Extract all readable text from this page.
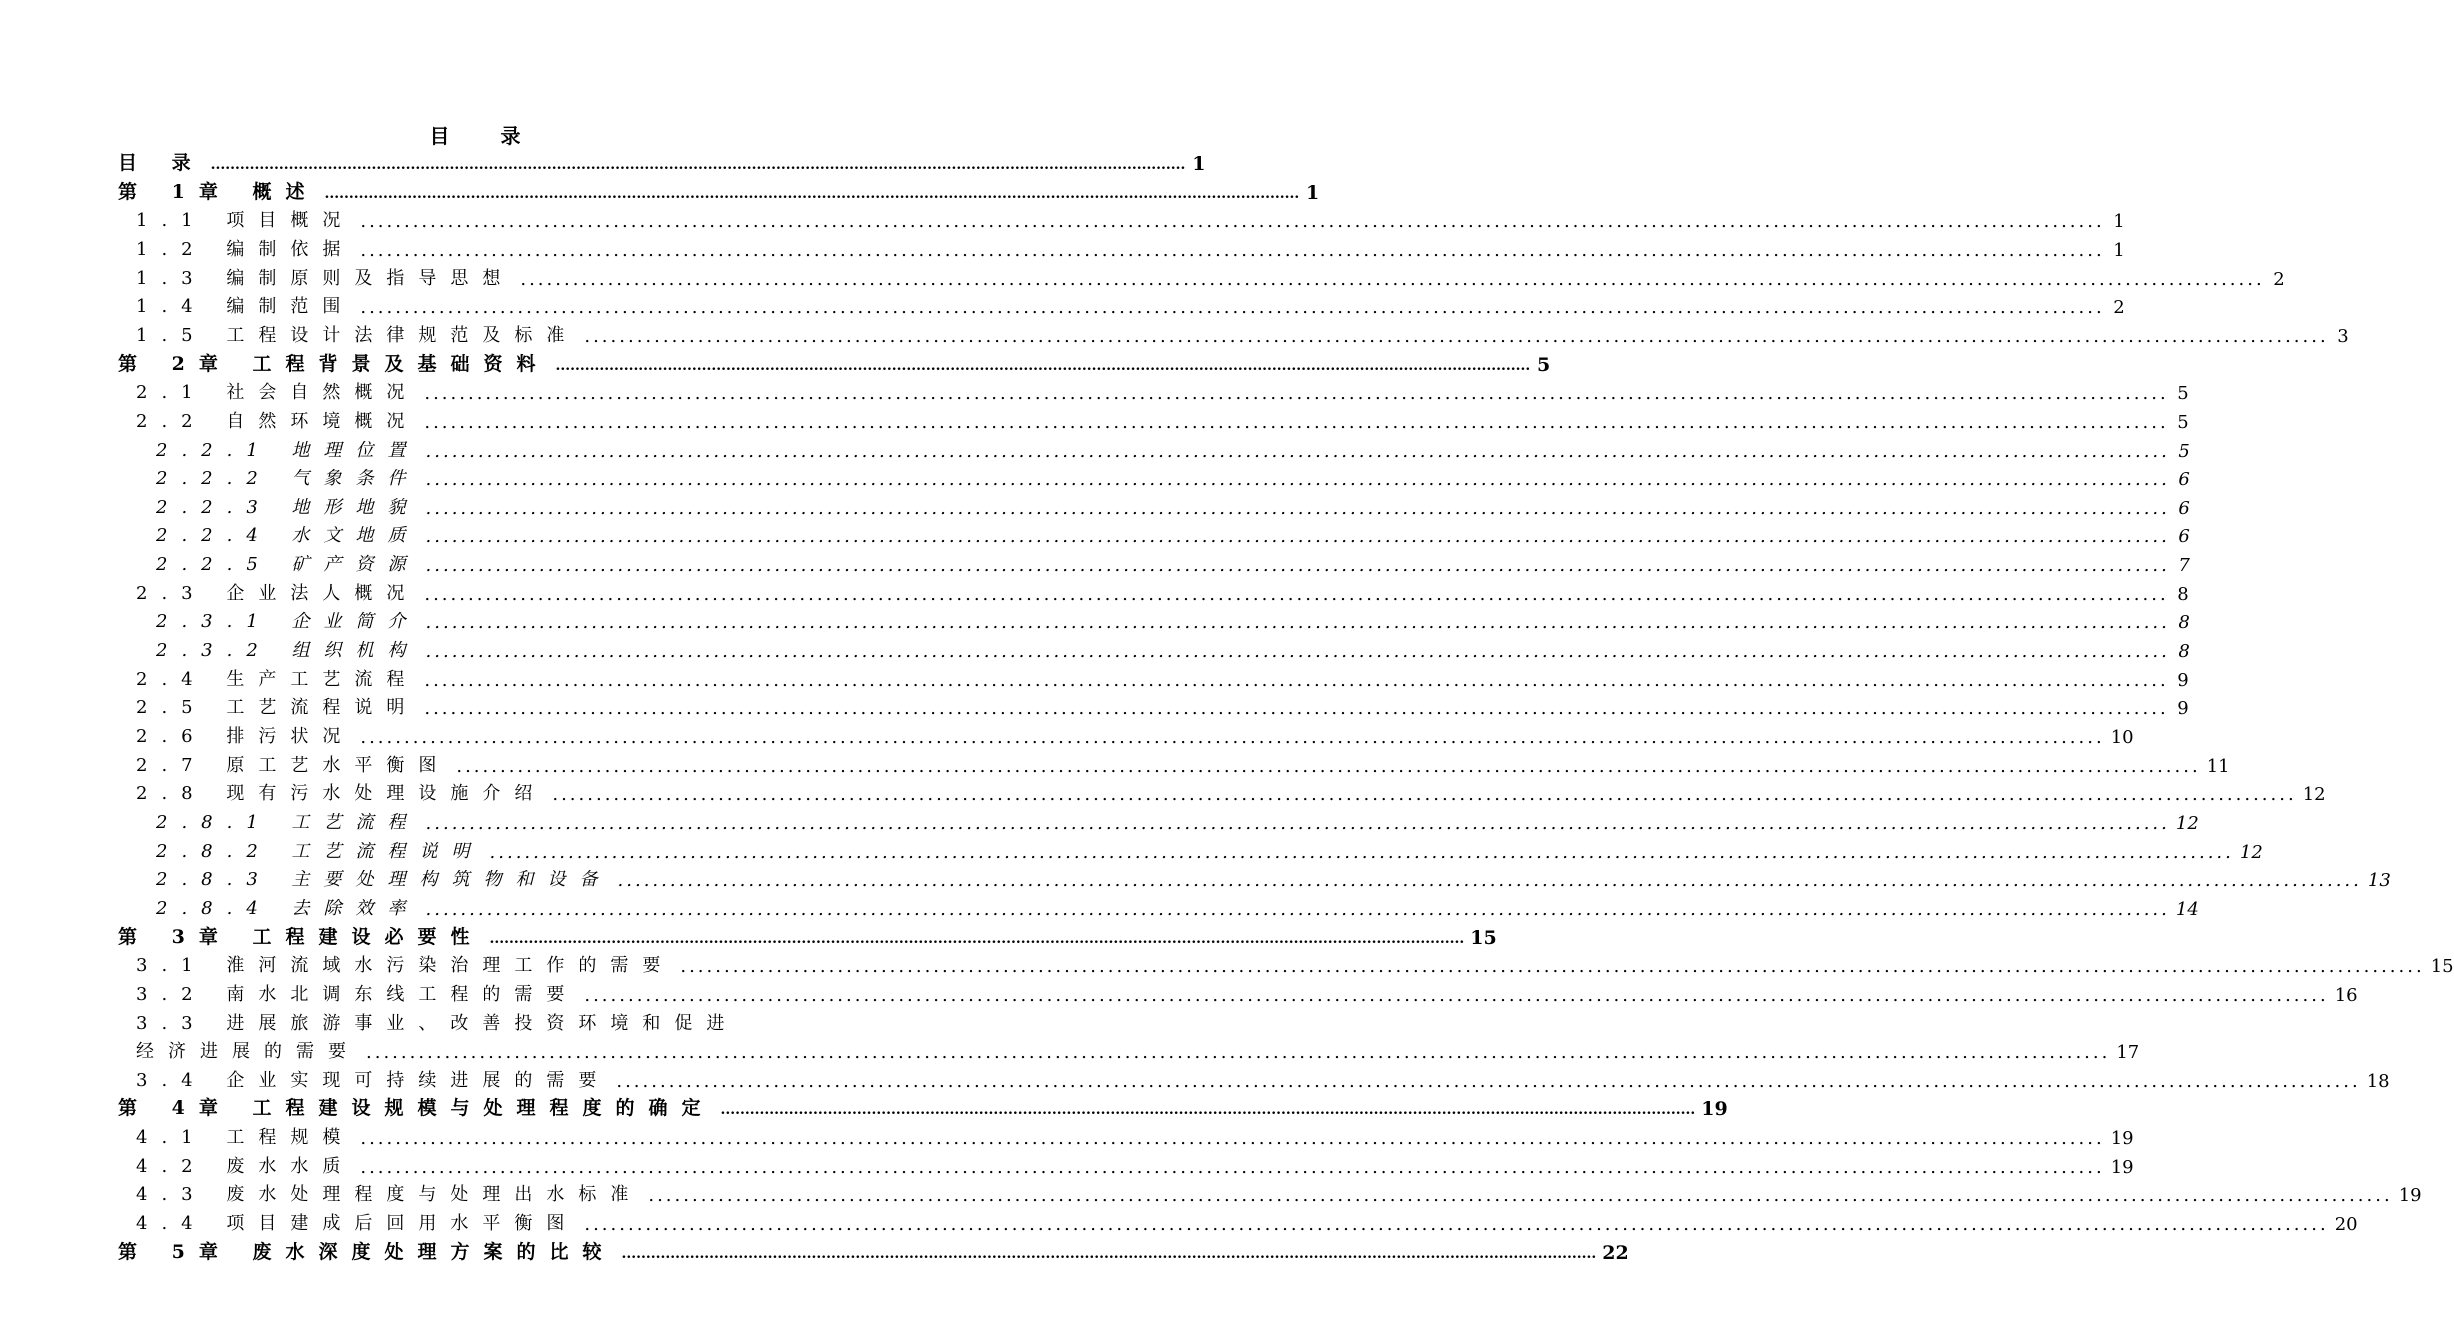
目 录
目 录 ........................................................................................................................................................................................................ 1
第 1章 概述 ........................................................................................................................................................................................................ 1
1.1 项目概况 ........................................................................................................................................................................................................ 1
1.2 编制依据 ........................................................................................................................................................................................................ 1
1.3 编制原则及指导思想 ........................................................................................................................................................................................................ 2
1.4 编制范围 ........................................................................................................................................................................................................ 2
1.5 工程设计法律规范及标准 ........................................................................................................................................................................................................ 3
第 2章 工程背景及基础资料 ........................................................................................................................................................................................................ 5
2.1 社会自然概况 ........................................................................................................................................................................................................ 5
2.2 自然环境概况 ........................................................................................................................................................................................................ 5
2.2.1 地理位置 ........................................................................................................................................................................................................ 5
2.2.2 气象条件 ........................................................................................................................................................................................................ 6
2.2.3 地形地貌 ........................................................................................................................................................................................................ 6
2.2.4 水文地质 ........................................................................................................................................................................................................ 6
2.2.5 矿产资源 ........................................................................................................................................................................................................ 7
2.3 企业法人概况 ........................................................................................................................................................................................................ 8
2.3.1 企业简介 ........................................................................................................................................................................................................ 8
2.3.2 组织机构 ........................................................................................................................................................................................................ 8
2.4 生产工艺流程 ........................................................................................................................................................................................................ 9
2.5 工艺流程说明 ........................................................................................................................................................................................................ 9
2.6 排污状况 ........................................................................................................................................................................................................ 10
2.7 原工艺水平衡图 ........................................................................................................................................................................................................ 11
2.8 现有污水处理设施介绍 ........................................................................................................................................................................................................ 12
2.8.1 工艺流程 ........................................................................................................................................................................................................ 12
2.8.2 工艺流程说明 ........................................................................................................................................................................................................ 12
2.8.3 主要处理构筑物和设备 ........................................................................................................................................................................................................ 13
2.8.4 去除效率 ........................................................................................................................................................................................................ 14
第 3章 工程建设必要性 ........................................................................................................................................................................................................ 15
3.1 淮河流域水污染治理工作的需要 ........................................................................................................................................................................................................ 15
3.2 南水北调东线工程的需要 ........................................................................................................................................................................................................ 16
3.3 进展旅游事业、改善投资环境和促进
经济进展的需要 ........................................................................................................................................................................................................ 17
3.4 企业实现可持续进展的需要 ........................................................................................................................................................................................................ 18
第 4章 工程建设规模与处理程度的确定 ........................................................................................................................................................................................................ 19
4.1 工程规模 ........................................................................................................................................................................................................ 19
4.2 废水水质 ........................................................................................................................................................................................................ 19
4.3 废水处理程度与处理出水标准 ........................................................................................................................................................................................................ 19
4.4 项目建成后回用水平衡图 ........................................................................................................................................................................................................ 20
第 5章 废水深度处理方案的比较 ........................................................................................................................................................................................................ 22
